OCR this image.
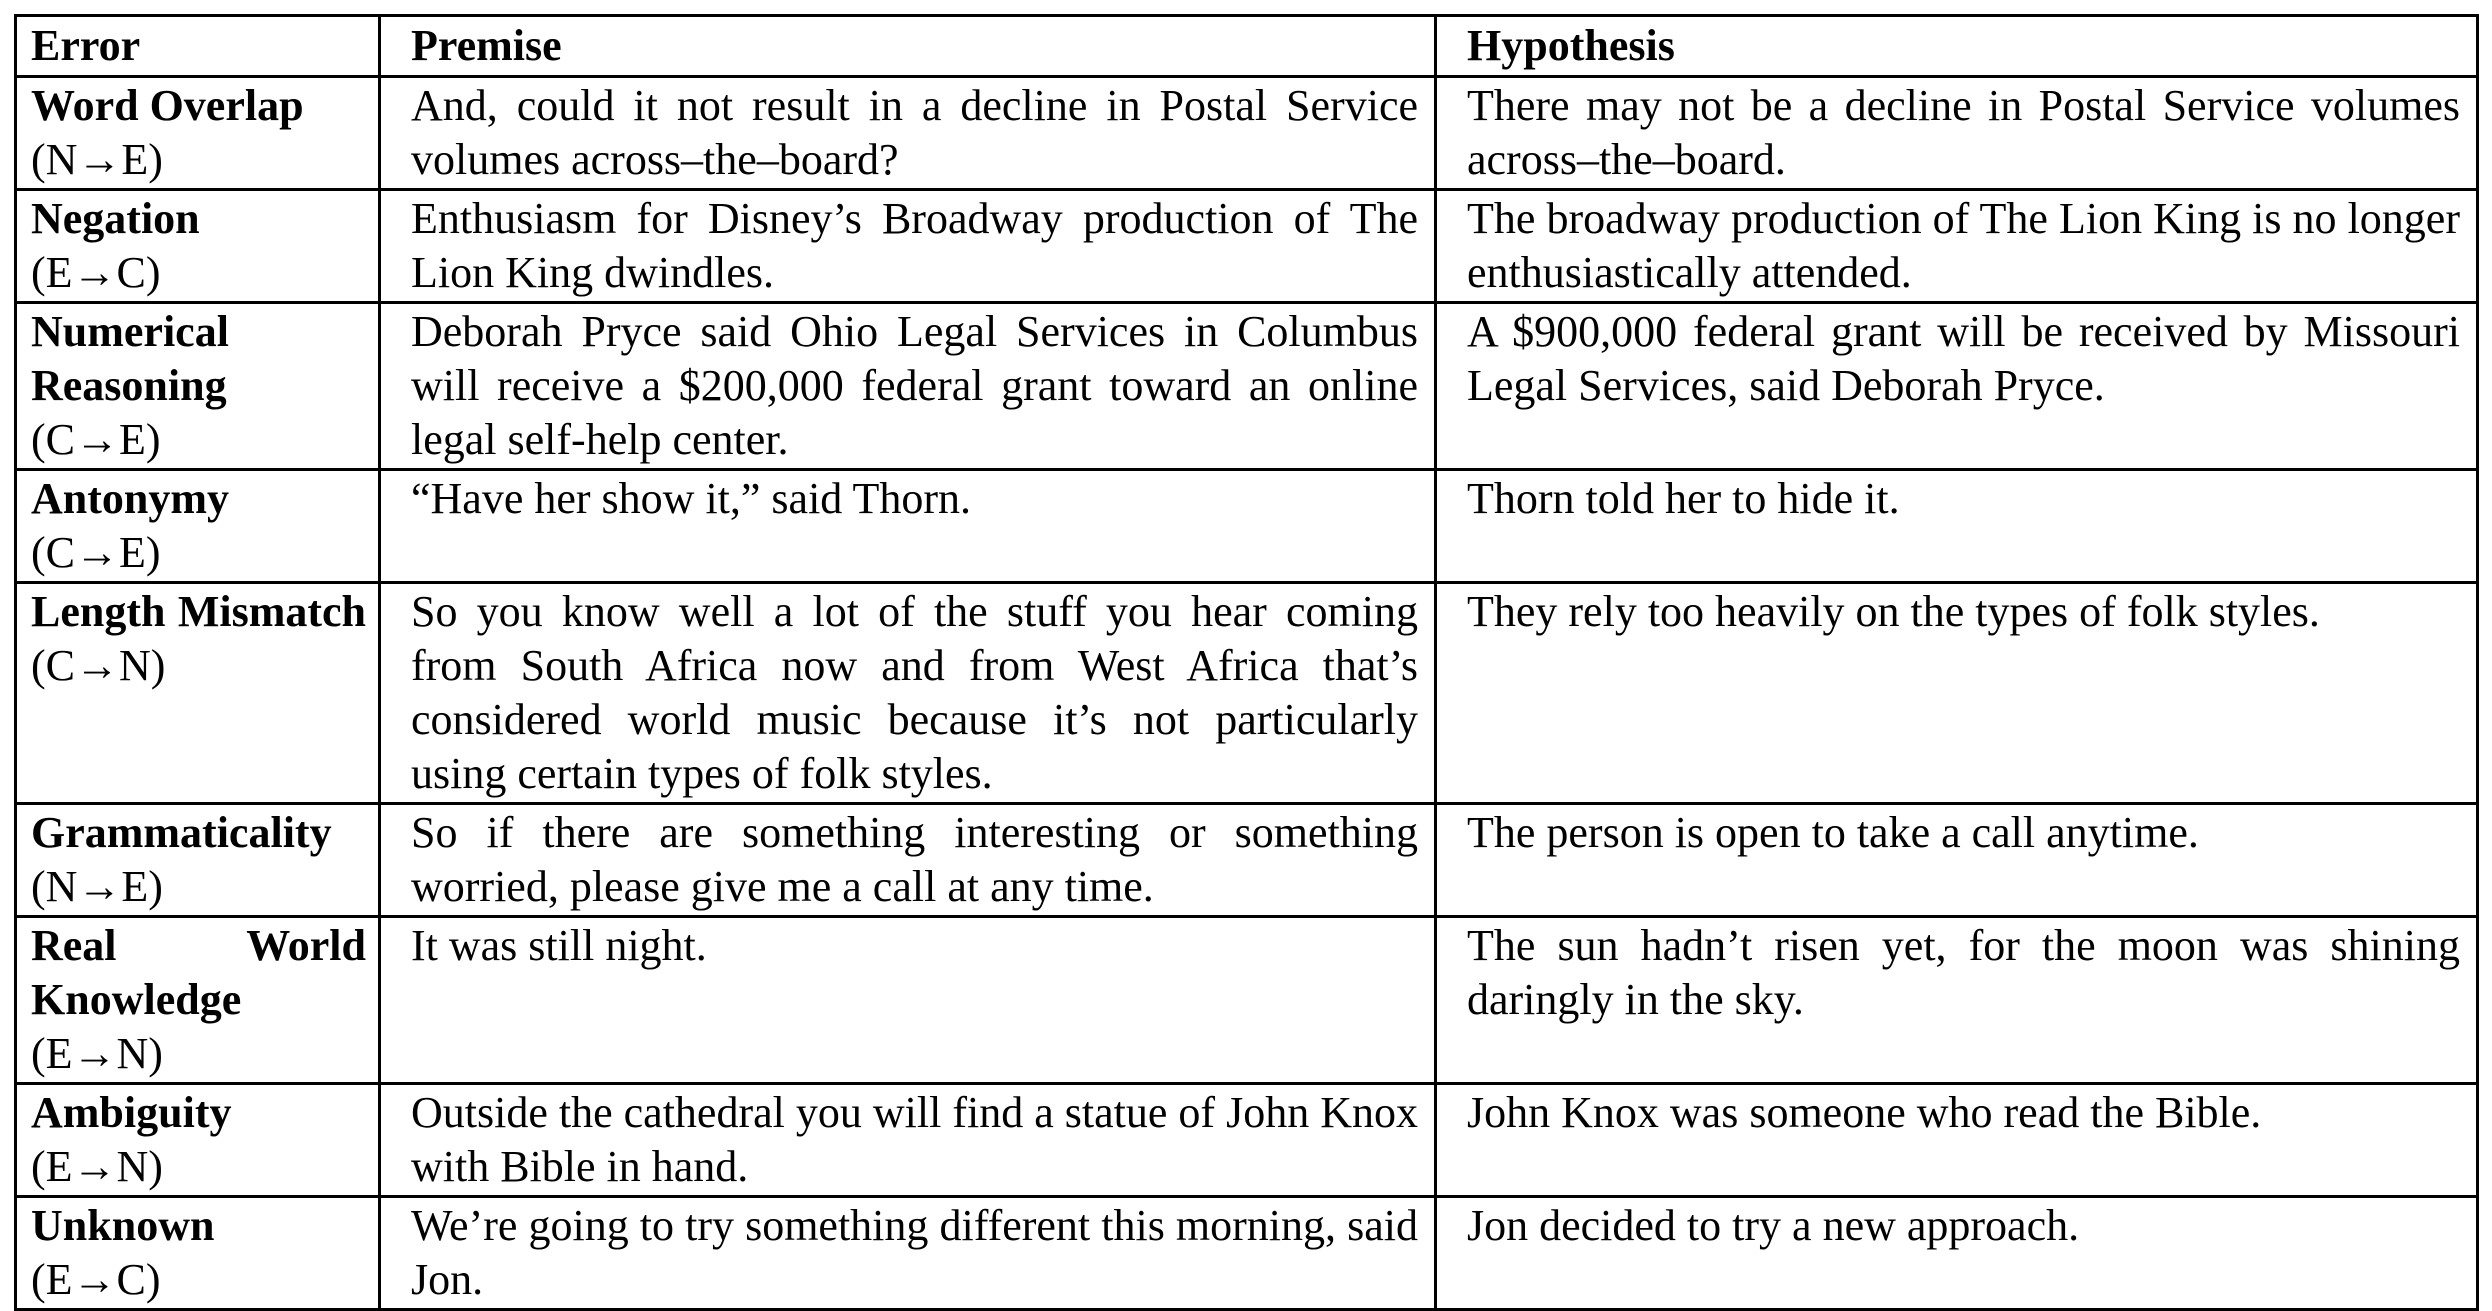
Error	Premise	Hypothesis
Word Overlap
(N→E)	And, could it not result in a decline in Postal Service volumes across–the–board?	There may not be a decline in Postal Service volumes across–the–board.
Negation
(E→C)	Enthusiasm for Disney’s Broadway production of The Lion King dwindles.	The broadway production of The Lion King is no longer enthusiastically attended.
Numerical Reasoning
(C→E)	Deborah Pryce said Ohio Legal Services in Columbus will receive a $200,000 federal grant toward an online legal self-help center.	A $900,000 federal grant will be received by Missouri Legal Services, said Deborah Pryce.
Antonymy
(C→E)	“Have her show it,” said Thorn.	Thorn told her to hide it.
Length Mismatch (C→N)	So you know well a lot of the stuff you hear coming from South Africa now and from West Africa that’s considered world music because it’s not particularly using certain types of folk styles.	They rely too heavily on the types of folk styles.
Grammaticality
(N→E)	So if there are something interesting or something worried, please give me a call at any time.	The person is open to take a call anytime.
Real World Knowledge
(E→N)	It was still night.	The sun hadn’t risen yet, for the moon was shining daringly in the sky.
Ambiguity
(E→N)	Outside the cathedral you will find a statue of John Knox with Bible in hand.	John Knox was someone who read the Bible.
Unknown
(E→C)	We’re going to try something different this morning, said Jon.	Jon decided to try a new approach.
